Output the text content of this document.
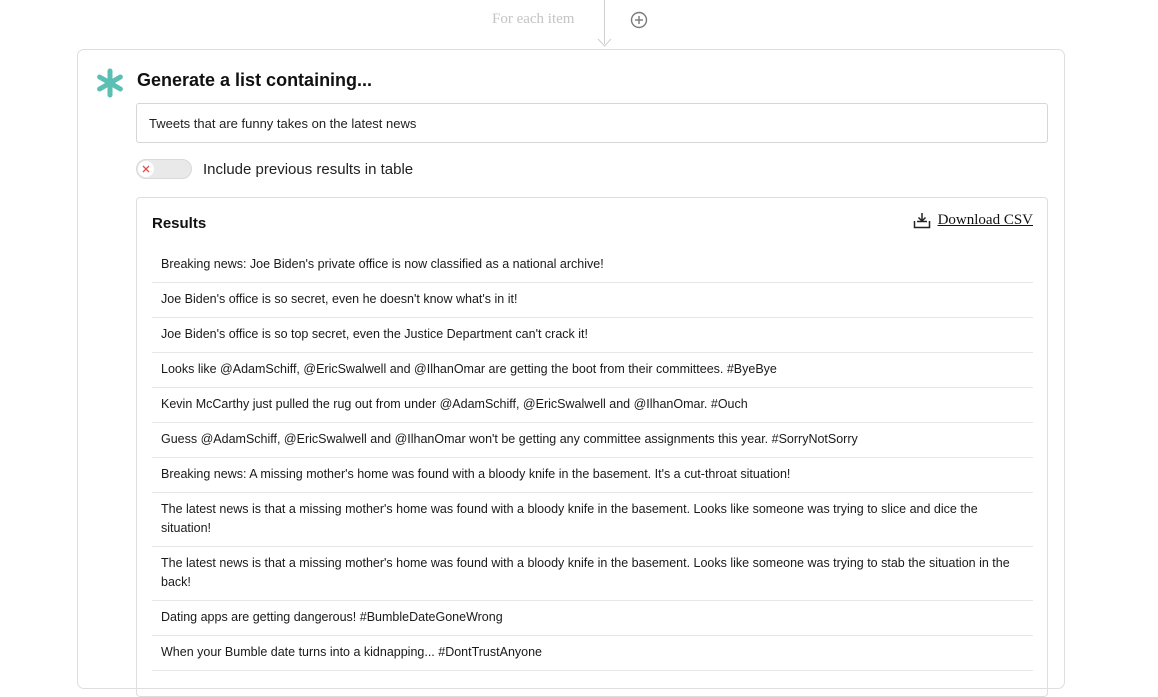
For each item
Generate a list containing...
Tweets that are funny takes on the latest news
Include previous results in table
Results	Download CSV
Breaking news: Joe Biden's private office is now classified as a national archive!
Joe Biden's office is so secret, even he doesn't know what's in it!
Joe Biden's office is so top secret, even the Justice Department can't crack it!
Looks like @AdamSchiff, @EricSwalwell and @IlhanOmar are getting the boot from their committees. #ByeBye
Kevin McCarthy just pulled the rug out from under @AdamSchiff, @EricSwalwell and @IlhanOmar. #Ouch
Guess @AdamSchiff, @EricSwalwell and @IlhanOmar won't be getting any committee assignments this year. #SorryNotSorry
Breaking news: A missing mother's home was found with a bloody knife in the basement. It's a cut-throat situation!
The latest news is that a missing mother's home was found with a bloody knife in the basement. Looks like someone was trying to slice and dice the situation!
The latest news is that a missing mother's home was found with a bloody knife in the basement. Looks like someone was trying to stab the situation in the back!
Dating apps are getting dangerous! #BumbleDateGoneWrong
When your Bumble date turns into a kidnapping... #DontTrustAnyone
